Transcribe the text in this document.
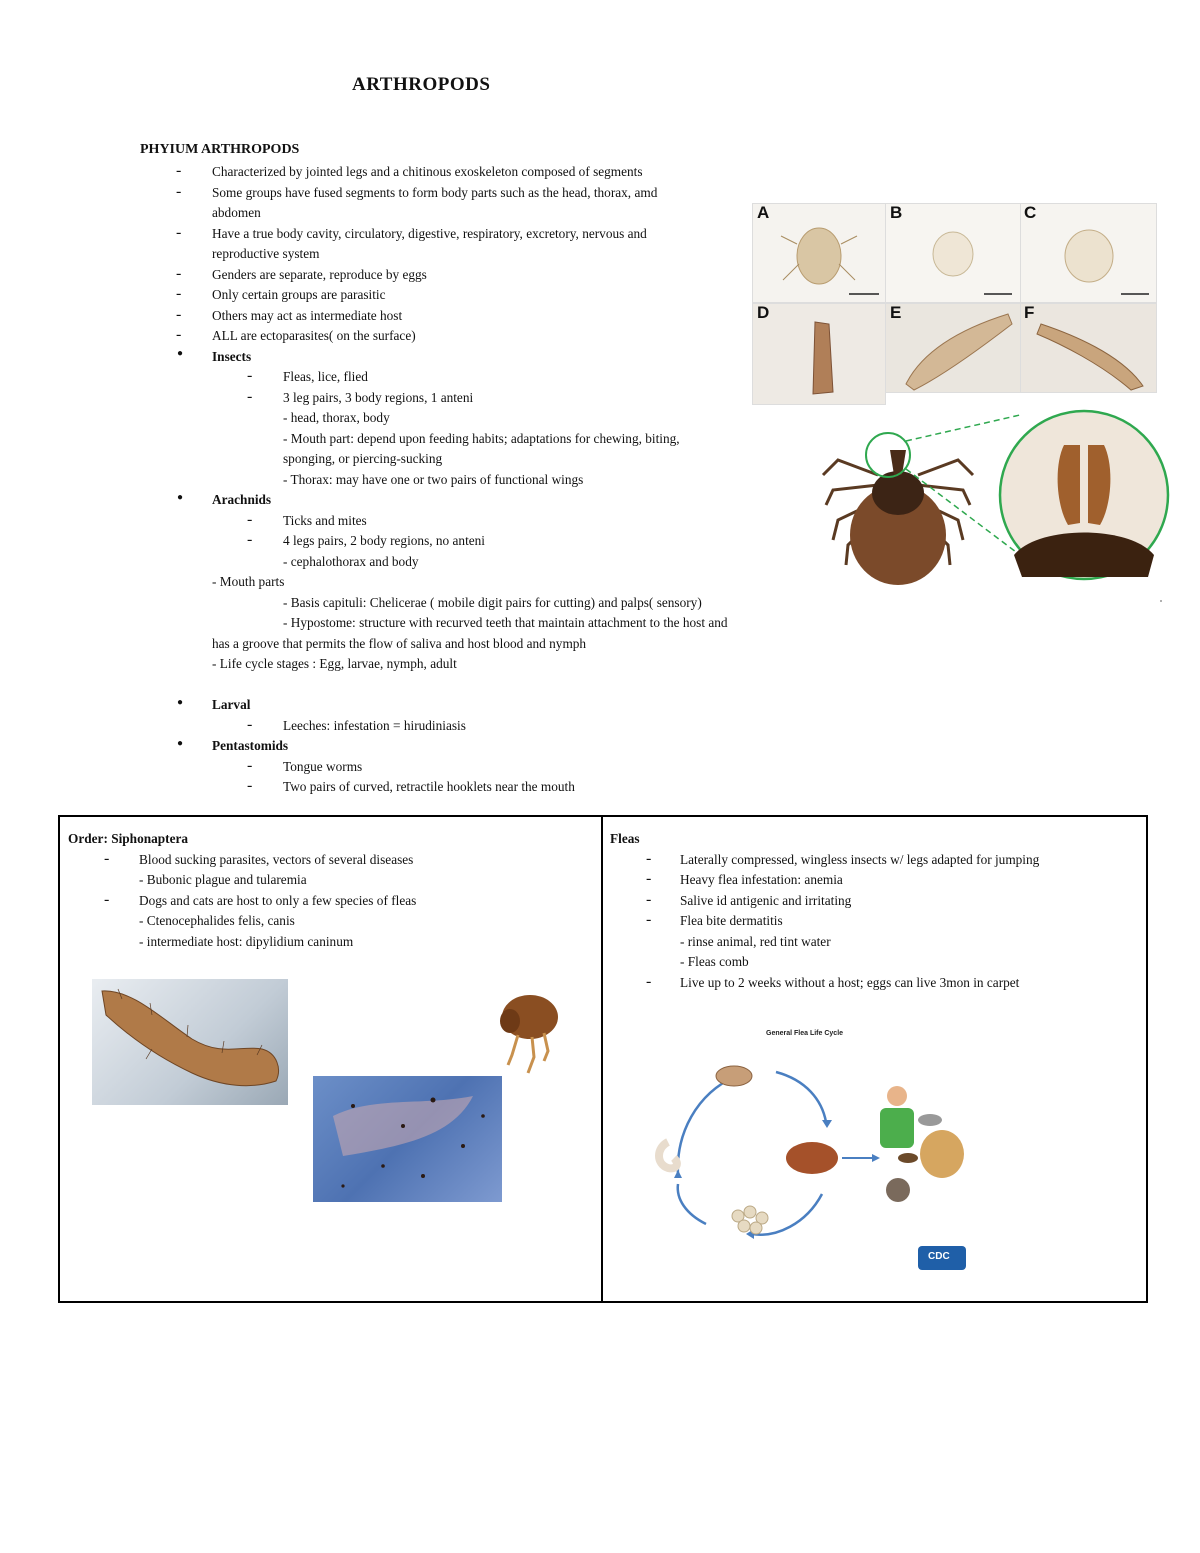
ARTHROPODS
PHYIUM ARTHROPODS
- Characterized by jointed legs and a chitinous exoskeleton composed of segments
- Some groups have fused segments to form body parts such as the head, thorax, amd
abdomen
- Have a true body cavity, circulatory, digestive, respiratory, excretory, nervous and
reproductive system
- Genders are separate, reproduce by eggs
- Only certain groups are parasitic
- Others may act as intermediate host
- ALL are ectoparasites( on the surface)
● Insects
- Fleas, lice, flied
- 3 leg pairs, 3 body regions, 1 anteni
- head, thorax, body
- Mouth part: depend upon feeding habits; adaptations for chewing, biting,
sponging, or piercing-sucking
- Thorax: may have one or two pairs of functional wings
● Arachnids
- Ticks and mites
- 4 legs pairs, 2 body regions, no anteni
- cephalothorax and body
- Mouth parts
- Basis capituli: Chelicerae ( mobile digit pairs for cutting) and palps( sensory)
- Hypostome: structure with recurved teeth that maintain attachment to the host and
has a groove that permits the flow of saliva and host blood and nymph
- Life cycle stages : Egg, larvae, nymph, adult
● Larval
- Leeches: infestation = hirudiniasis
● Pentastomids
- Tongue worms
- Two pairs of curved, retractile hooklets near the mouth
A	B	C
D	E	F
Order: Siphonaptera
- Blood sucking parasites, vectors of several diseases
- Bubonic plague and tularemia
- Dogs and cats are host to only a few species of fleas
- Ctenocephalides felis, canis
- intermediate host: dipylidium caninum
Fleas
- Laterally compressed, wingless insects w/ legs adapted for jumping
- Heavy flea infestation: anemia
- Salive id antigenic and irritating
- Flea bite dermatitis
- rinse animal, red tint water
- Fleas comb
- Live up to 2 weeks without a host; eggs can live 3mon in carpet
General Flea Life Cycle
CDC
